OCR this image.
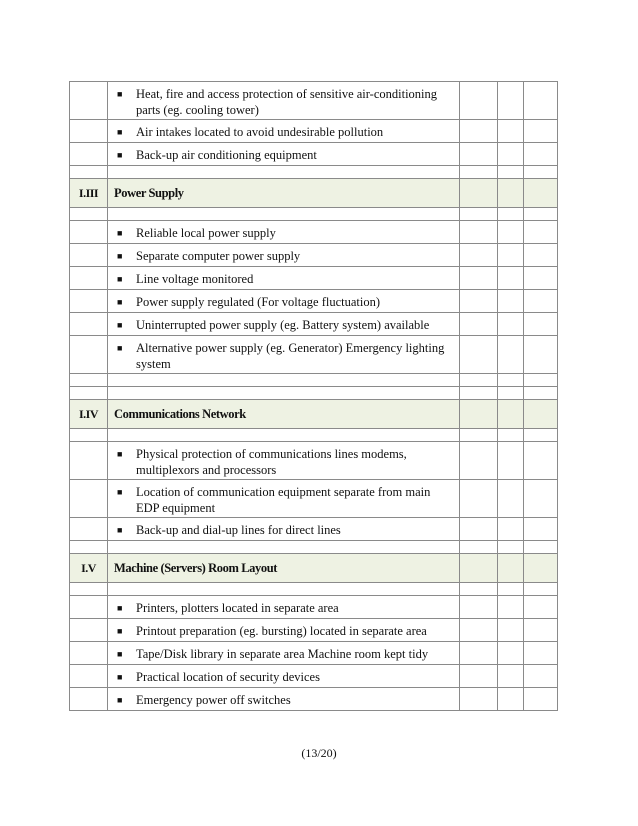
	■ Heat, fire and access protection of sensitive air-conditioning parts (eg. cooling tower)			

	■ Air intakes located to avoid undesirable pollution			

	■ Back-up air conditioning equipment			

I.III	Power Supply			

	■ Reliable local power supply			

	■ Separate computer power supply			

	■ Line voltage monitored			

	■ Power supply regulated (For voltage fluctuation)			

	■ Uninterrupted power supply (eg. Battery system) available			

	■ Alternative power supply (eg. Generator) Emergency lighting system			

I.IV	Communications Network			

	■ Physical protection of communications lines modems, multiplexors and processors			

	■ Location of communication equipment separate from main EDP equipment			

	■ Back-up and dial-up lines for direct lines			

I.V	Machine (Servers) Room Layout			

	■ Printers, plotters located in separate area			

	■ Printout preparation (eg. bursting) located in separate area			

	■ Tape/Disk library in separate area Machine room kept tidy			

	■ Practical location of security devices			

	■ Emergency power off switches			

(13/20)
